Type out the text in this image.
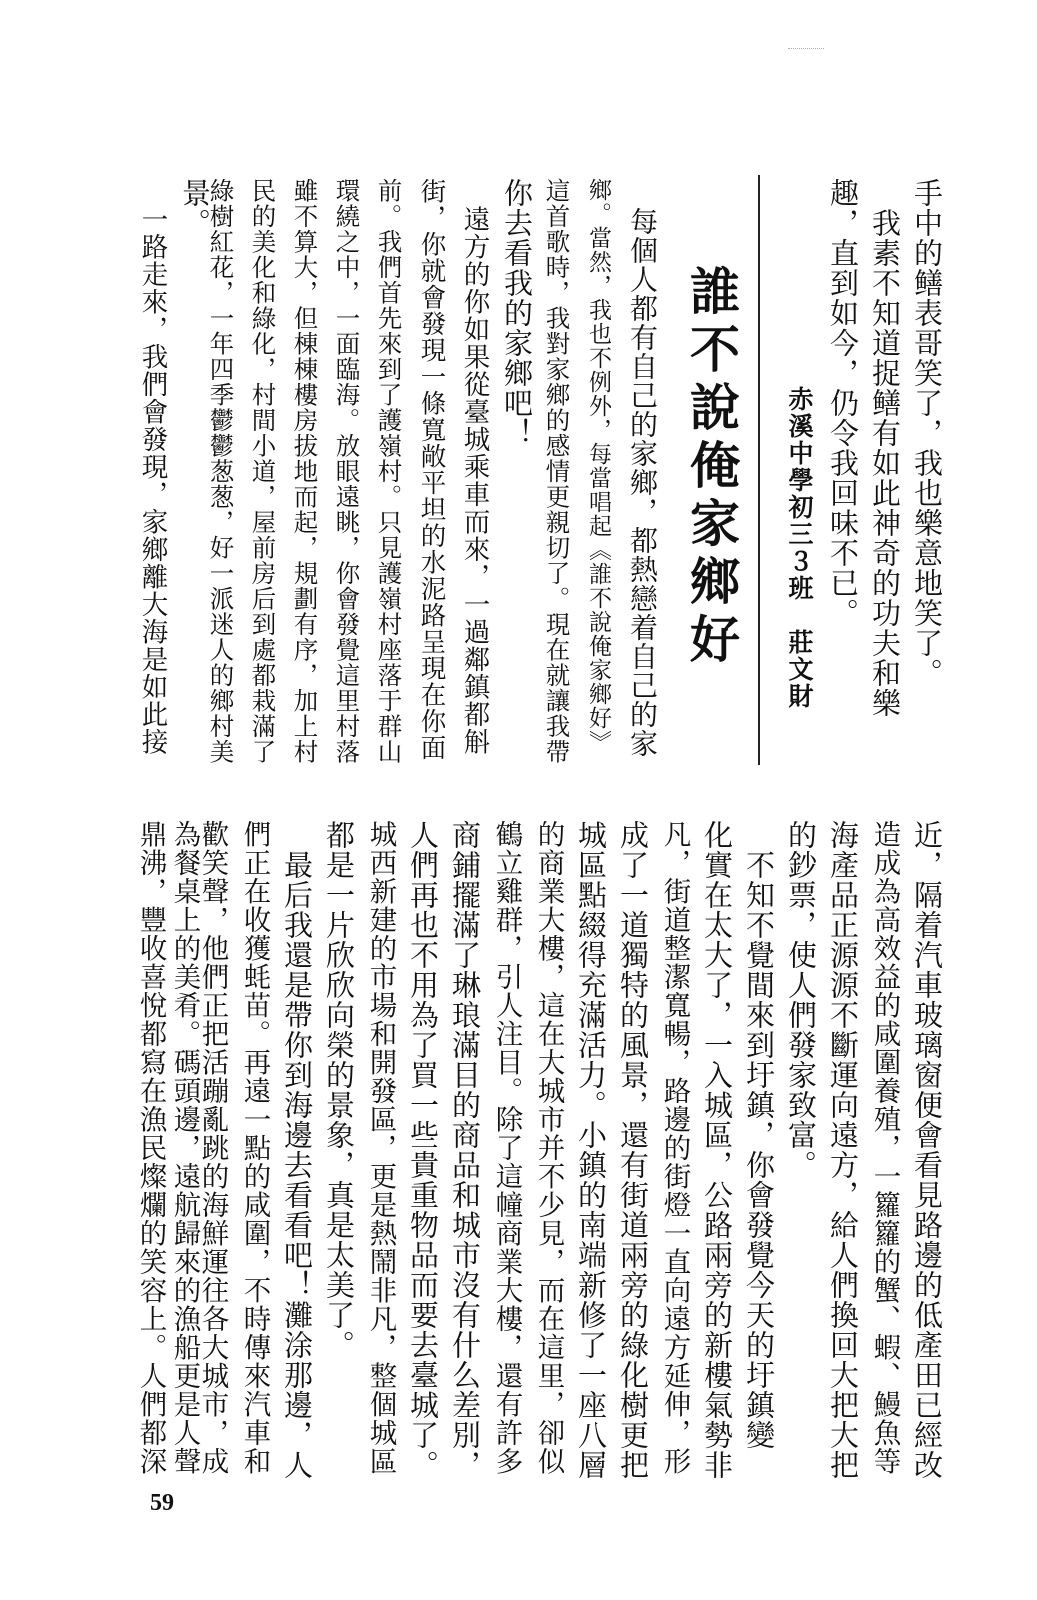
手中的鳝表哥笑了，我也樂意地笑了。
　我素不知道捉鳝有如此神奇的功夫和樂
趣，直到如今，仍令我回味不已。
赤溪中學初三３班　莊文財
誰不說俺家鄉好
　每個人都有自己的家鄉，都熱戀着自己的家
鄉。當然，我也不例外，每當唱起《誰不說俺家鄉好》
這首歌時，我對家鄉的感情更親切了。現在就讓我帶
你去看我的家鄉吧！
　遠方的你如果從臺城乘車而來，一過鄰鎮都斛
街，你就會發現一條寬敞平坦的水泥路呈現在你面
前。我們首先來到了護嶺村。只見護嶺村座落于群山
環繞之中，一面臨海。放眼遠眺，你會發覺這里村落
雖不算大，但棟棟樓房拔地而起，規劃有序，加上村
民的美化和綠化，村間小道，屋前房后到處都栽滿了
綠樹紅花，一年四季鬱鬱葱葱，好一派迷人的鄉村美
景。
　一路走來，我們會發現，家鄉離大海是如此接
近，隔着汽車玻璃窗便會看見路邊的低產田已經改
造成為高效益的咸圍養殖，一籮籮的蟹、蝦、鰻魚等
海產品正源源不斷運向遠方，給人們換回大把大把
的鈔票，使人們發家致富。
　不知不覺間來到圩鎮，你會發覺今天的圩鎮變
化實在太大了，一入城區，公路兩旁的新樓氣勢非
凡，街道整潔寬暢，路邊的街燈一直向遠方延伸，形
成了一道獨特的風景，還有街道兩旁的綠化樹更把
城區點綴得充滿活力。小鎮的南端新修了一座八層
的商業大樓，這在大城市并不少見，而在這里，卻似
鶴立雞群，引人注目。除了這幢商業大樓，還有許多
商鋪擺滿了琳琅滿目的商品和城市沒有什么差別，
人們再也不用為了買一些貴重物品而要去臺城了。
城西新建的市場和開發區，更是熱鬧非凡，整個城區
都是一片欣欣向榮的景象，真是太美了。
　最后我還是帶你到海邊去看看吧！灘涂那邊，人
們正在收獲蚝苗。再遠一點的咸圍，不時傳來汽車和
歡笑聲，他們正把活蹦亂跳的海鮮運往各大城市，成
為餐桌上的美肴。碼頭邊，遠航歸來的漁船更是人聲
鼎沸，豐收喜悅都寫在漁民燦爛的笑容上。人們都深
59
